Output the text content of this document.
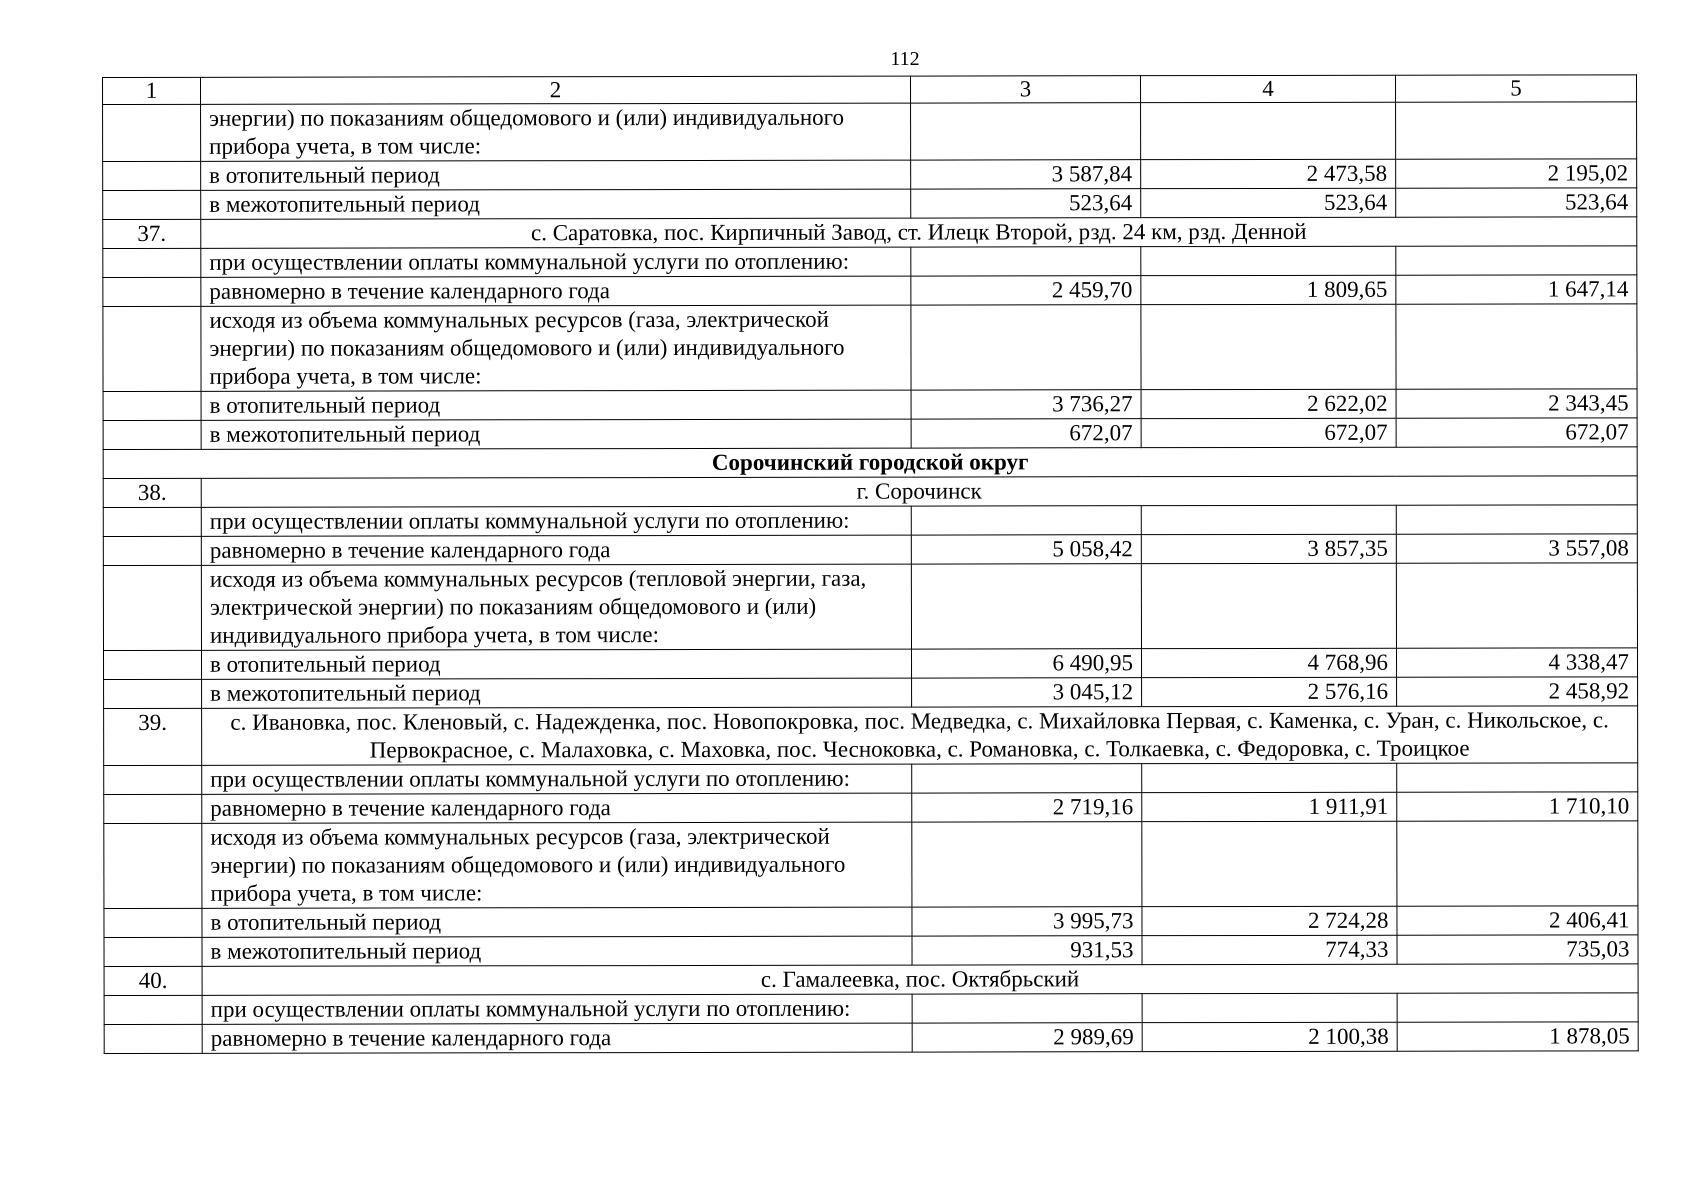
112
1	2	3	4	5
	энергии) по показаниям общедомового и (или) индивидуального прибора учета, в том числе:			
	в отопительный период	3 587,84	2 473,58	2 195,02
	в межотопительный период	523,64	523,64	523,64
37.	с. Саратовка, пос. Кирпичный Завод, ст. Илецк Второй, рзд. 24 км, рзд. Денной			
	при осуществлении оплаты коммунальной услуги по отоплению:			
	равномерно в течение календарного года	2 459,70	1 809,65	1 647,14
	исходя из объема коммунальных ресурсов (газа, электрической энергии) по показаниям общедомового и (или) индивидуального прибора учета, в том числе:			
	в отопительный период	3 736,27	2 622,02	2 343,45
	в межотопительный период	672,07	672,07	672,07
Сорочинский городской округ				
38.	г. Сорочинск			
	при осуществлении оплаты коммунальной услуги по отоплению:			
	равномерно в течение календарного года	5 058,42	3 857,35	3 557,08
	исходя из объема коммунальных ресурсов (тепловой энергии, газа, электрической энергии) по показаниям общедомового и (или) индивидуального прибора учета, в том числе:			
	в отопительный период	6 490,95	4 768,96	4 338,47
	в межотопительный период	3 045,12	2 576,16	2 458,92
39.	с. Ивановка, пос. Кленовый, с. Надежденка, пос. Новопокровка, пос. Медведка, с. Михайловка Первая, с. Каменка, с. Уран, с. Никольское, с. Первокрасное, с. Малаховка, с. Маховка, пос. Чесноковка, с. Романовка, с. Толкаевка, с. Федоровка, с. Троицкое			
	при осуществлении оплаты коммунальной услуги по отоплению:			
	равномерно в течение календарного года	2 719,16	1 911,91	1 710,10
	исходя из объема коммунальных ресурсов (газа, электрической энергии) по показаниям общедомового и (или) индивидуального прибора учета, в том числе:			
	в отопительный период	3 995,73	2 724,28	2 406,41
	в межотопительный период	931,53	774,33	735,03
40.	с. Гамалеевка, пос. Октябрьский			
	при осуществлении оплаты коммунальной услуги по отоплению:			
	равномерно в течение календарного года	2 989,69	2 100,38	1 878,05
